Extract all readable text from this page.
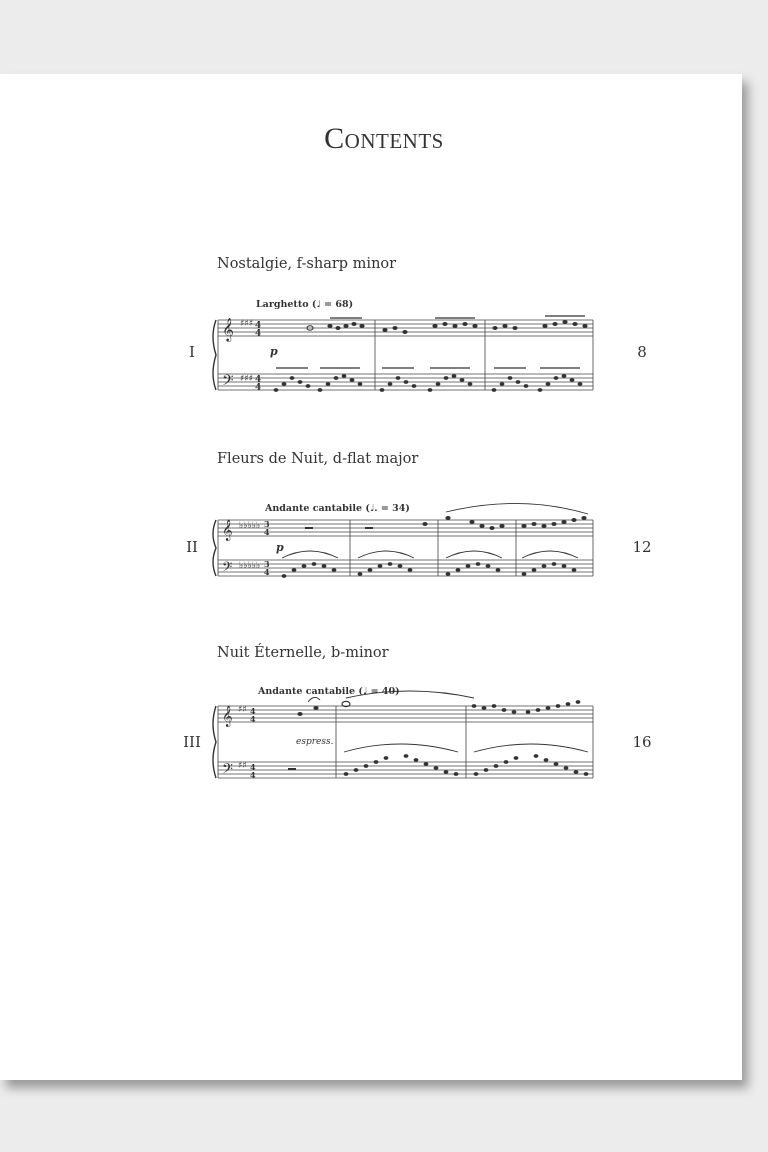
Contents
Nostalgie, f-sharp minor
I	8
Larghetto (♩ = 68)
𝄞
𝄢
♯♯♯
♯♯♯
4
4
4
4
p
Fleurs de Nuit, d-flat major
II	12
Andante cantabile (♩. = 34)
𝄞
𝄢
♭♭♭♭♭
♭♭♭♭♭
3
4
3
4
p
Nuit Éternelle, b-minor
III	16
Andante cantabile (♩ = 40)
𝄞
𝄢
♯♯
♯♯
4
4
4
4
espress.
